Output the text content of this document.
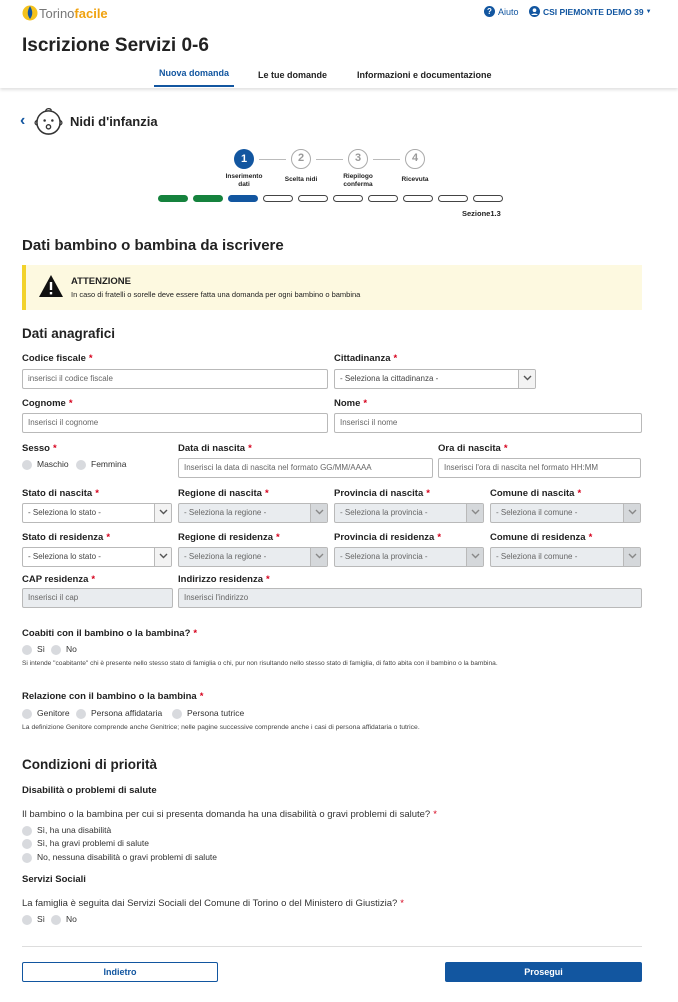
Torino facile	? Aiuto	CSI PIEMONTE DEMO 39 ▼
Iscrizione Servizi 0-6
Nuova domanda	Le tue domande	Informazioni e documentazione
‹	Nidi d'infanzia
1
Inserimento dati
2
Scelta nidi
3
Riepilogo conferma
4
Ricevuta
Sezione1.3
Dati bambino o bambina da iscrivere
ATTENZIONE
In caso di fratelli o sorelle deve essere fatta una domanda per ogni bambino o bambina
Dati anagrafici
Codice fiscale *
inserisci il codice fiscale
Cittadinanza *
- Seleziona la cittadinanza -
Cognome *
Inserisci il cognome
Nome *
Inserisci il nome
Sesso *
Maschio	Femmina
Data di nascita *
Inserisci la data di nascita nel formato GG/MM/AAAA
Ora di nascita *
Inserisci l'ora di nascita nel formato HH:MM
Stato di nascita *
- Seleziona lo stato -
Regione di nascita *
- Seleziona la regione -
Provincia di nascita *
- Seleziona la provincia -
Comune di nascita *
- Seleziona il comune -
Stato di residenza *
- Seleziona lo stato -
Regione di residenza *
- Seleziona la regione -
Provincia di residenza *
- Seleziona la provincia -
Comune di residenza *
- Seleziona il comune -
CAP residenza *
Inserisci il cap
Indirizzo residenza *
Inserisci l'indirizzo
Coabiti con il bambino o la bambina? *
Sì	No
Si intende "coabitante" chi è presente nello stesso stato di famiglia o chi, pur non risultando nello stesso stato di famiglia, di fatto abita con il bambino o la bambina.
Relazione con il bambino o la bambina *
Genitore	Persona affidataria	Persona tutrice
La definizione Genitore comprende anche Genitrice; nelle pagine successive comprende anche i casi di persona affidataria o tutrice.
Condizioni di priorità
Disabilità o problemi di salute
Il bambino o la bambina per cui si presenta domanda ha una disabilità o gravi problemi di salute? *
Sì, ha una disabilità
Sì, ha gravi problemi di salute
No, nessuna disabilità o gravi problemi di salute
Servizi Sociali
La famiglia è seguita dai Servizi Sociali del Comune di Torino o del Ministero di Giustizia? *
Sì	No
Indietro	Prosegui
